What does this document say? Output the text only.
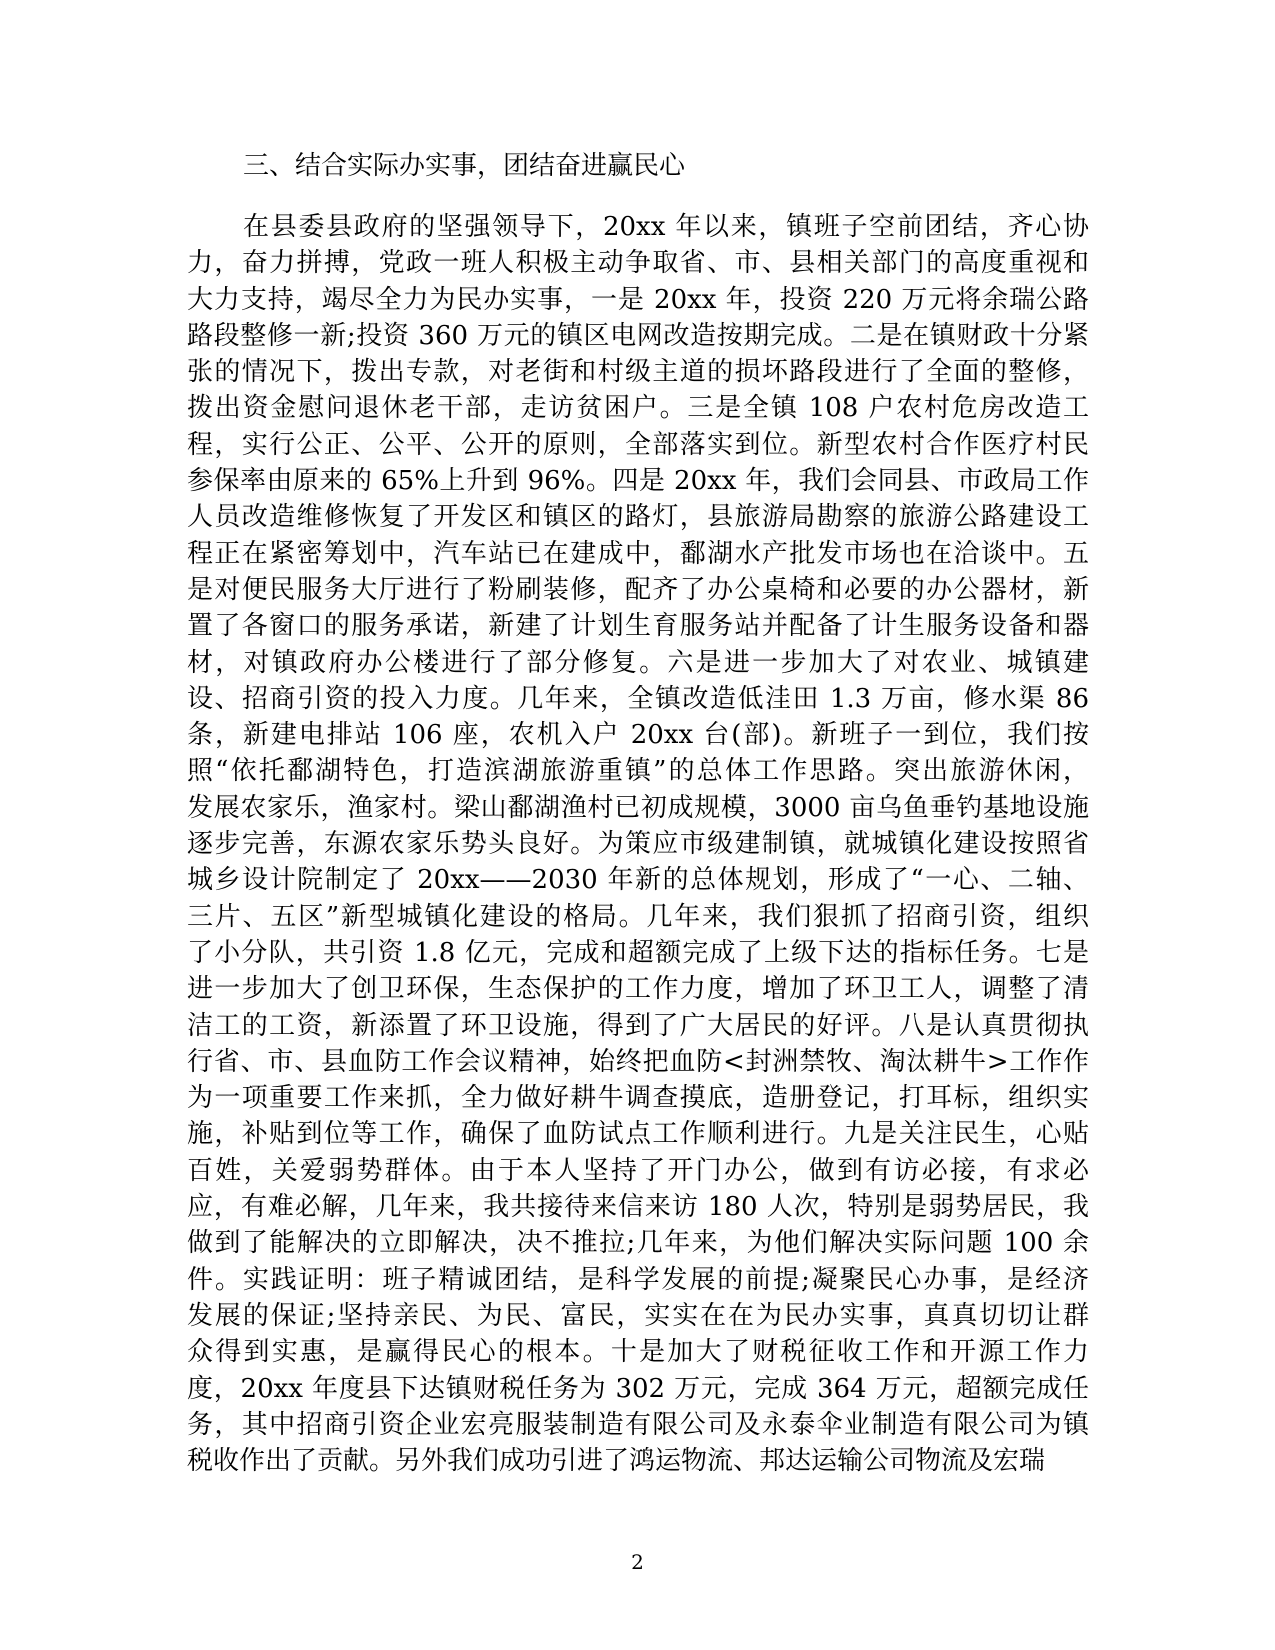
三、结合实际办实事，团结奋进赢民心
在县委县政府的坚强领导下，20xx 年以来，镇班子空前团结，齐心协
力，奋力拼搏，党政一班人积极主动争取省、市、县相关部门的高度重视和
大力支持，竭尽全力为民办实事，一是 20xx 年，投资 220 万元将余瑞公路
路段整修一新;投资 360 万元的镇区电网改造按期完成。二是在镇财政十分紧
张的情况下，拨出专款，对老街和村级主道的损坏路段进行了全面的整修，
拨出资金慰问退休老干部，走访贫困户。三是全镇 108 户农村危房改造工
程，实行公正、公平、公开的原则，全部落实到位。新型农村合作医疗村民
参保率由原来的 65%上升到 96%。四是 20xx 年，我们会同县、市政局工作
人员改造维修恢复了开发区和镇区的路灯，县旅游局勘察的旅游公路建设工
程正在紧密筹划中，汽车站已在建成中，鄱湖水产批发市场也在洽谈中。五
是对便民服务大厅进行了粉刷装修，配齐了办公桌椅和必要的办公器材，新
置了各窗口的服务承诺，新建了计划生育服务站并配备了计生服务设备和器
材，对镇政府办公楼进行了部分修复。六是进一步加大了对农业、城镇建
设、招商引资的投入力度。几年来，全镇改造低洼田 1.3 万亩，修水渠 86
条，新建电排站 106 座，农机入户 20xx 台(部)。新班子一到位，我们按
照“依托鄱湖特色，打造滨湖旅游重镇”的总体工作思路。突出旅游休闲，
发展农家乐，渔家村。梁山鄱湖渔村已初成规模，3000 亩乌鱼垂钓基地设施
逐步完善，东源农家乐势头良好。为策应市级建制镇，就城镇化建设按照省
城乡设计院制定了 20xx——2030 年新的总体规划，形成了“一心、二轴、
三片、五区”新型城镇化建设的格局。几年来，我们狠抓了招商引资，组织
了小分队，共引资 1.8 亿元，完成和超额完成了上级下达的指标任务。七是
进一步加大了创卫环保，生态保护的工作力度，增加了环卫工人，调整了清
洁工的工资，新添置了环卫设施，得到了广大居民的好评。八是认真贯彻执
行省、市、县血防工作会议精神，始终把血防<封洲禁牧、淘汰耕牛>工作作
为一项重要工作来抓，全力做好耕牛调查摸底，造册登记，打耳标，组织实
施，补贴到位等工作，确保了血防试点工作顺利进行。九是关注民生，心贴
百姓，关爱弱势群体。由于本人坚持了开门办公，做到有访必接，有求必
应，有难必解，几年来，我共接待来信来访 180 人次，特别是弱势居民，我
做到了能解决的立即解决，决不推拉;几年来，为他们解决实际问题 100 余
件。实践证明：班子精诚团结，是科学发展的前提;凝聚民心办事，是经济
发展的保证;坚持亲民、为民、富民，实实在在为民办实事，真真切切让群
众得到实惠，是赢得民心的根本。十是加大了财税征收工作和开源工作力
度，20xx 年度县下达镇财税任务为 302 万元，完成 364 万元，超额完成任
务，其中招商引资企业宏亮服装制造有限公司及永泰伞业制造有限公司为镇
税收作出了贡献。另外我们成功引进了鸿运物流、邦达运输公司物流及宏瑞
2
